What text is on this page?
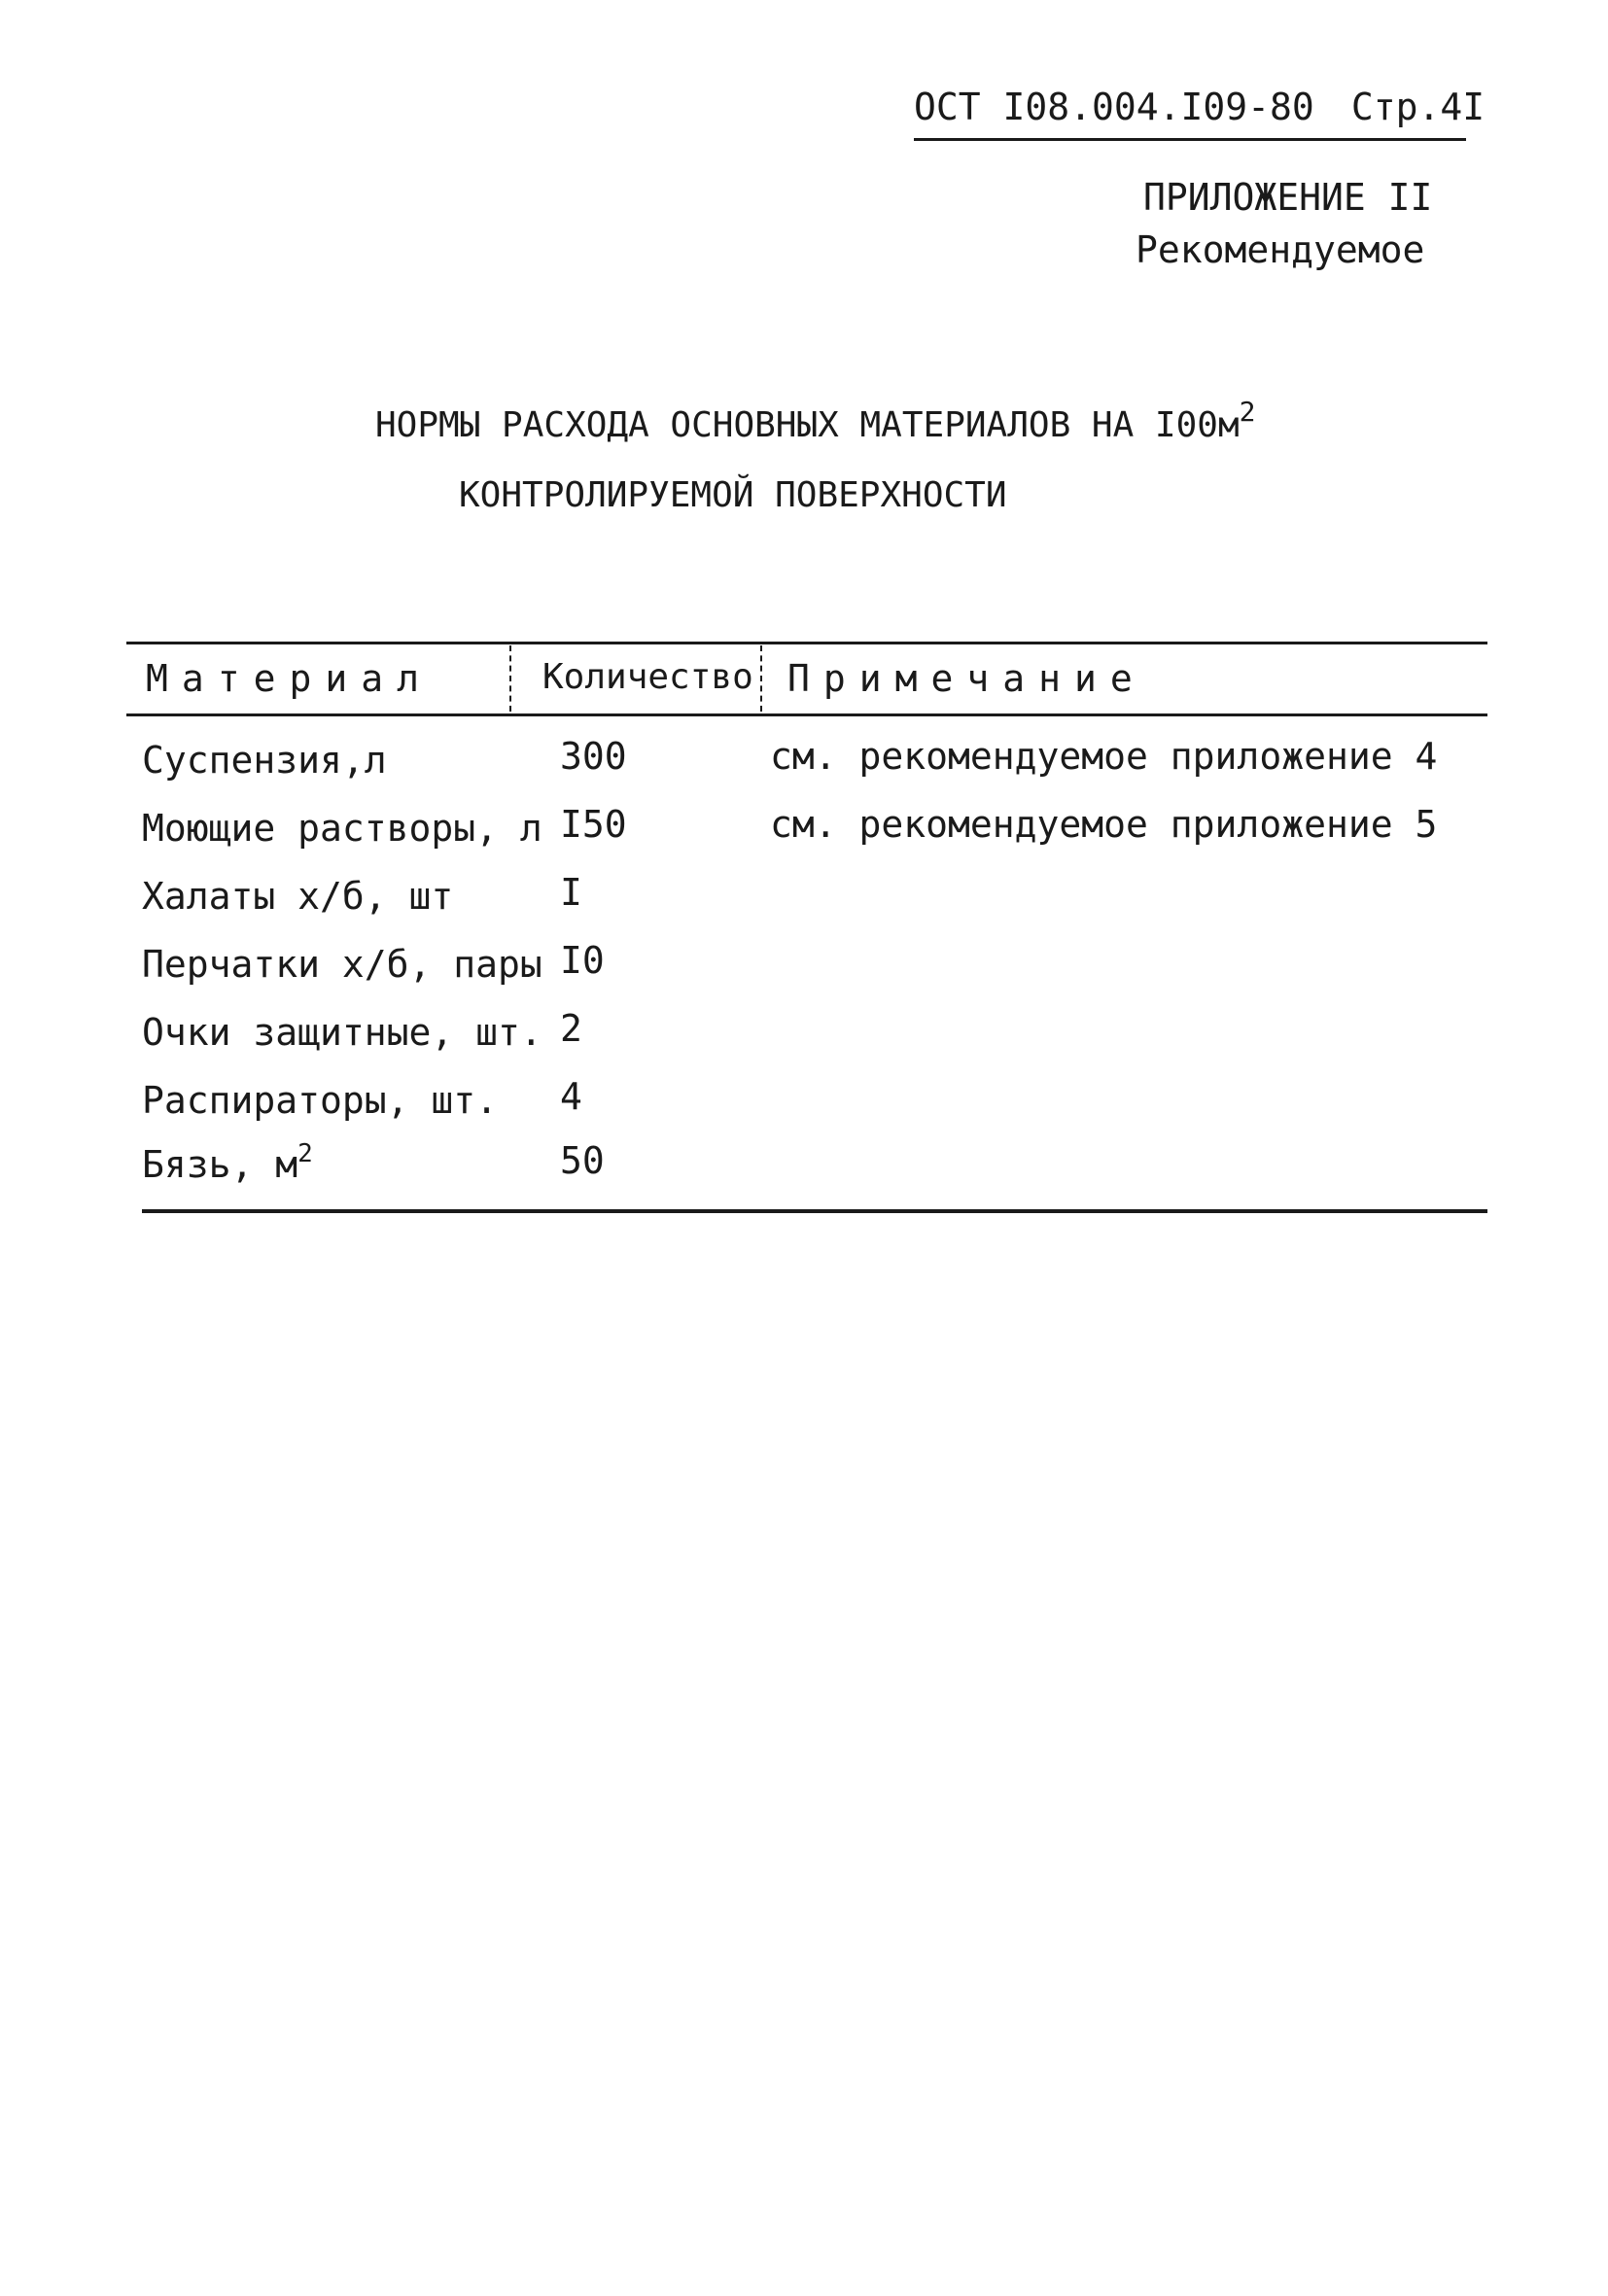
ОСТ I08.004.I09-80 Стр.4I
ПРИЛОЖЕНИЕ II
Рекомендуемое
НОРМЫ РАСХОДА ОСНОВНЫХ МАТЕРИАЛОВ НА $I00м^2$
КОНТРОЛИРУЕМОЙ ПОВЕРХНОСТИ
Материал	Количество Примечание
Суспензия,л	300	см. рекомендуемое приложение 4
Моющие растворы, л I50	см. рекомендуемое приложение 5
Халаты х/б, шт	I
Перчатки х/б, пары I0
Очки защитные, шт. 2
Распираторы, шт. 4
Бязь, $м^2$	50
